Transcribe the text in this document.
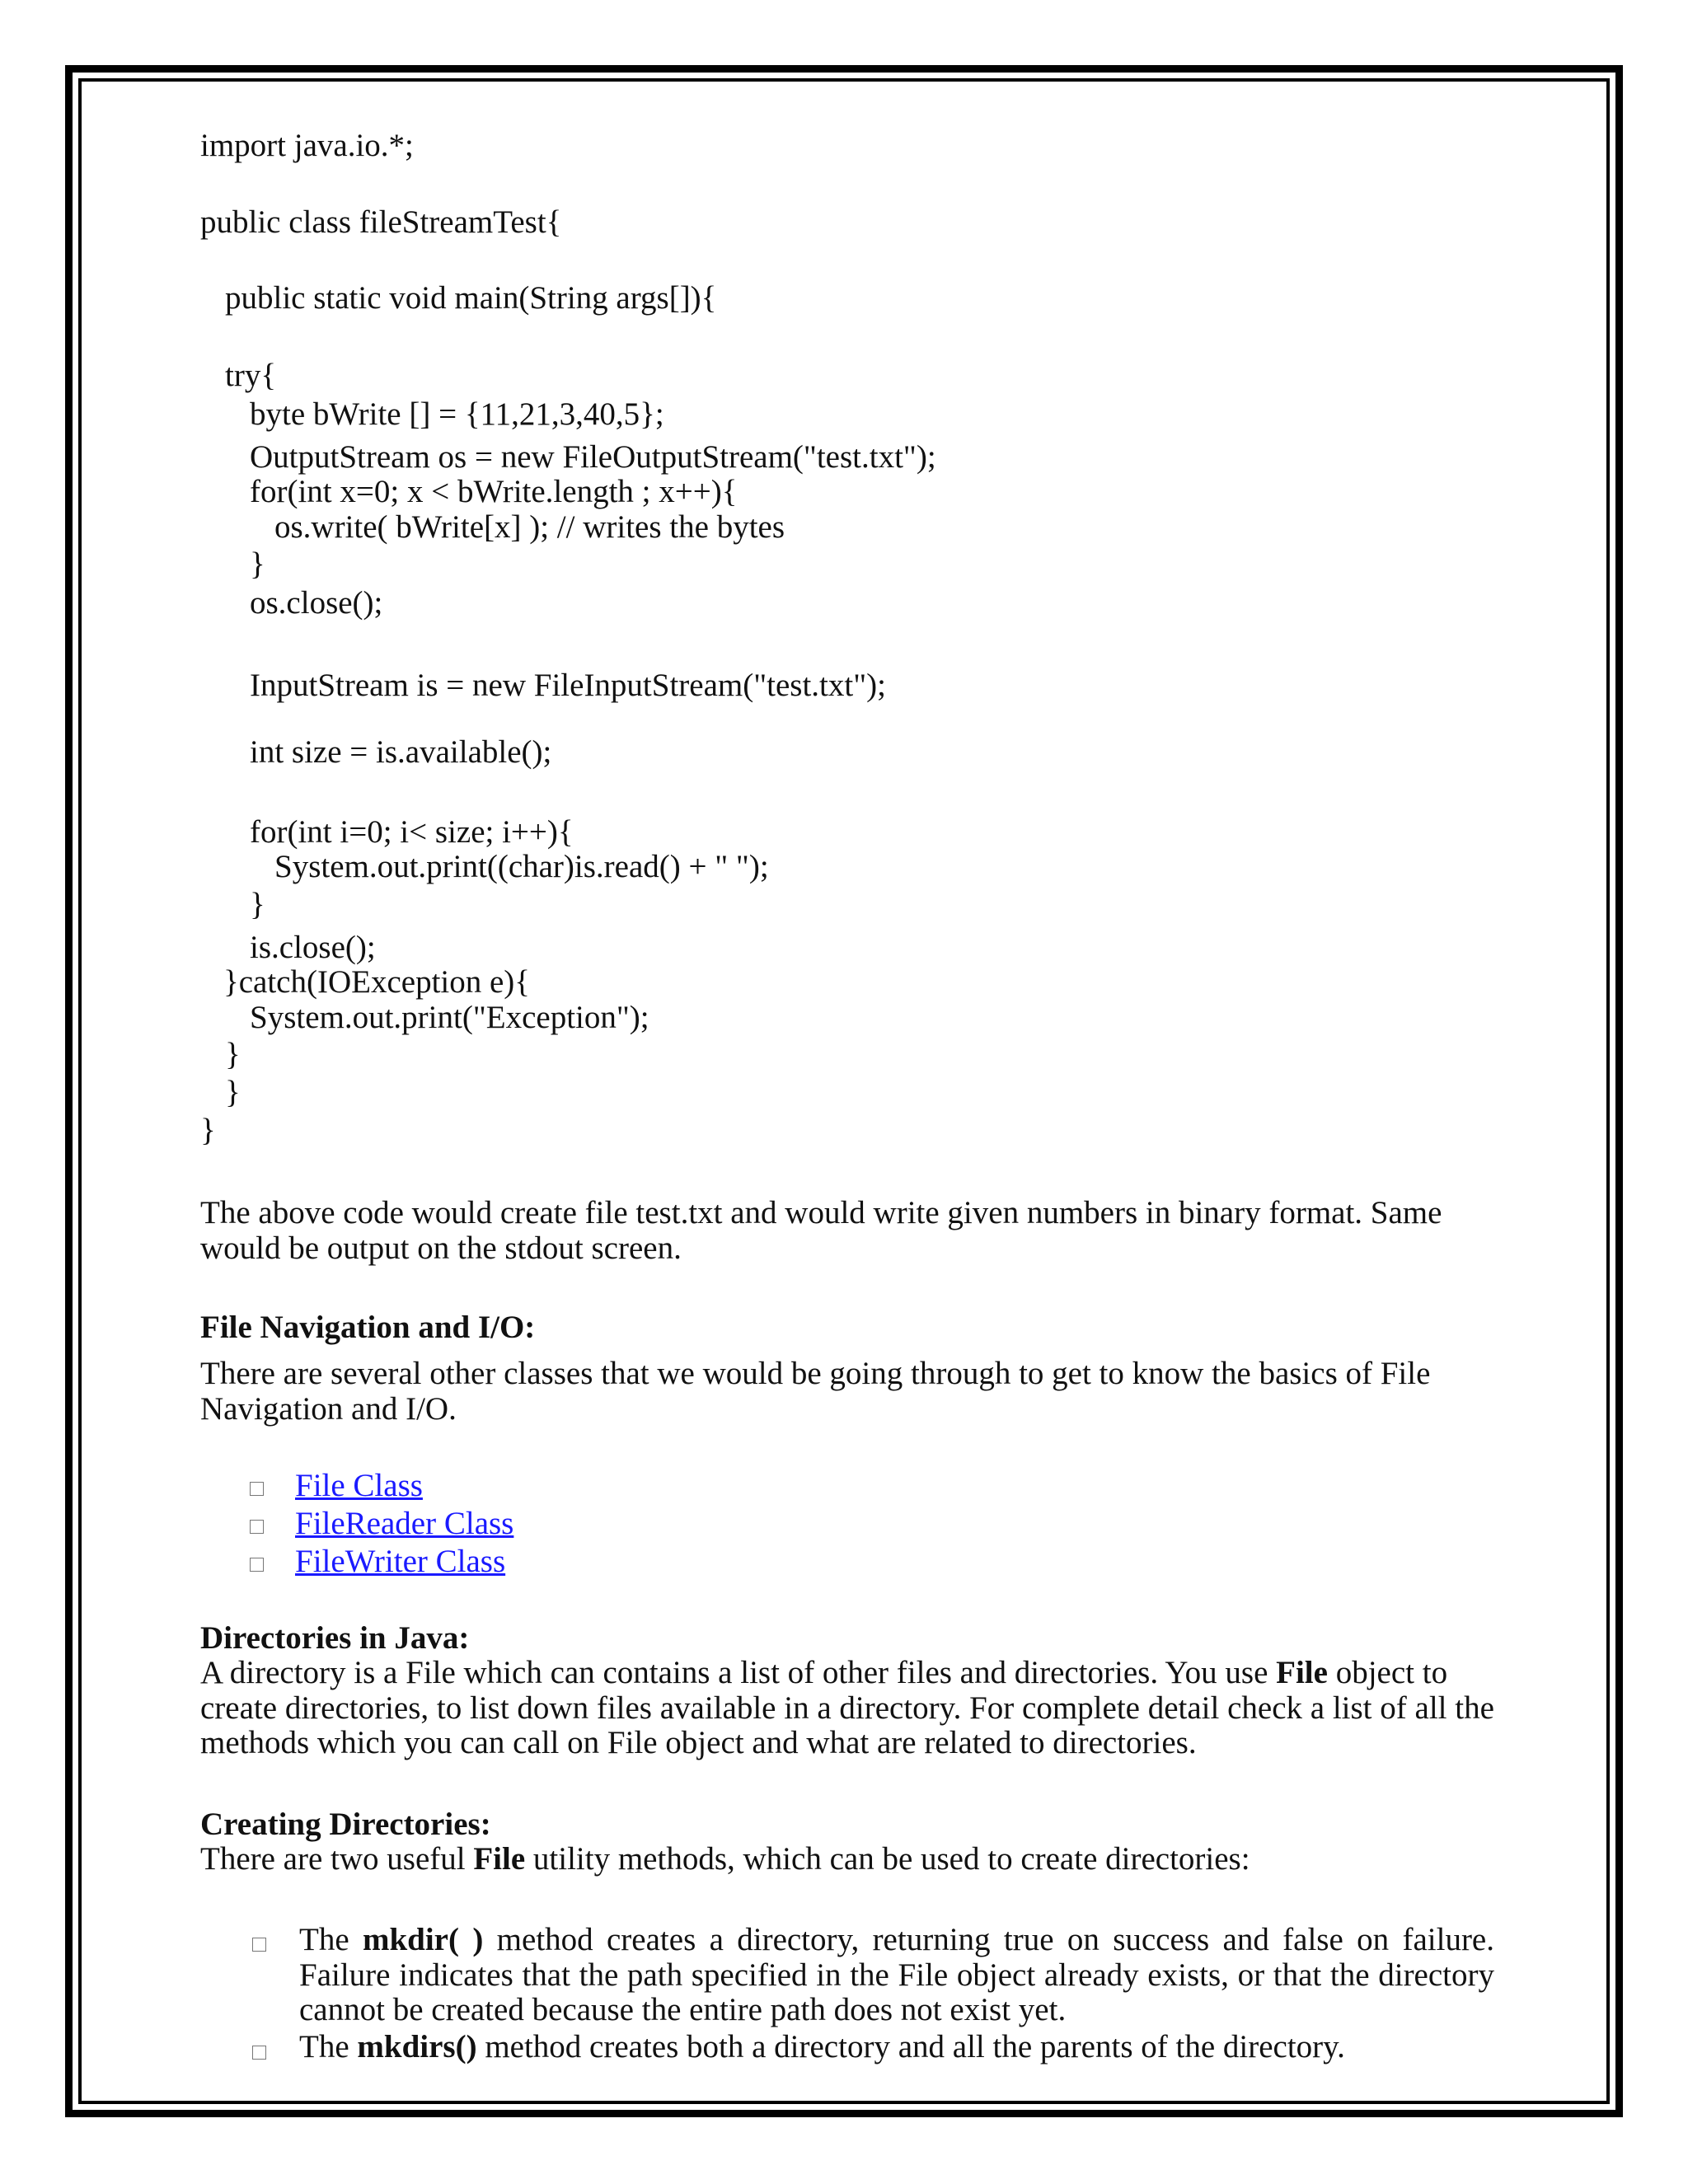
import java.io.*;
public class fileStreamTest{
public static void main(String args[]){
try{
byte bWrite [] = {11,21,3,40,5};
OutputStream os = new FileOutputStream("test.txt");
for(int x=0; x < bWrite.length ; x++){
os.write( bWrite[x] ); // writes the bytes
}
os.close();
InputStream is = new FileInputStream("test.txt");
int size = is.available();
for(int i=0; i< size; i++){
System.out.print((char)is.read() + " ");
}
is.close();
}catch(IOException e){
System.out.print("Exception");
}
}
}
The above code would create file test.txt and would write given numbers in binary format. Same would be output on the stdout screen.
File Navigation and I/O:
There are several other classes that we would be going through to get to know the basics of File Navigation and I/O.
File Class
FileReader Class
FileWriter Class
Directories in Java:
A directory is a File which can contains a list of other files and directories. You use File object to create directories, to list down files available in a directory. For complete detail check a list of all the methods which you can call on File object and what are related to directories.
Creating Directories:
There are two useful File utility methods, which can be used to create directories:
The mkdir( ) method creates a directory, returning true on success and false on failure. Failure indicates that the path specified in the File object already exists, or that the directory cannot be created because the entire path does not exist yet.
The mkdirs() method creates both a directory and all the parents of the directory.
